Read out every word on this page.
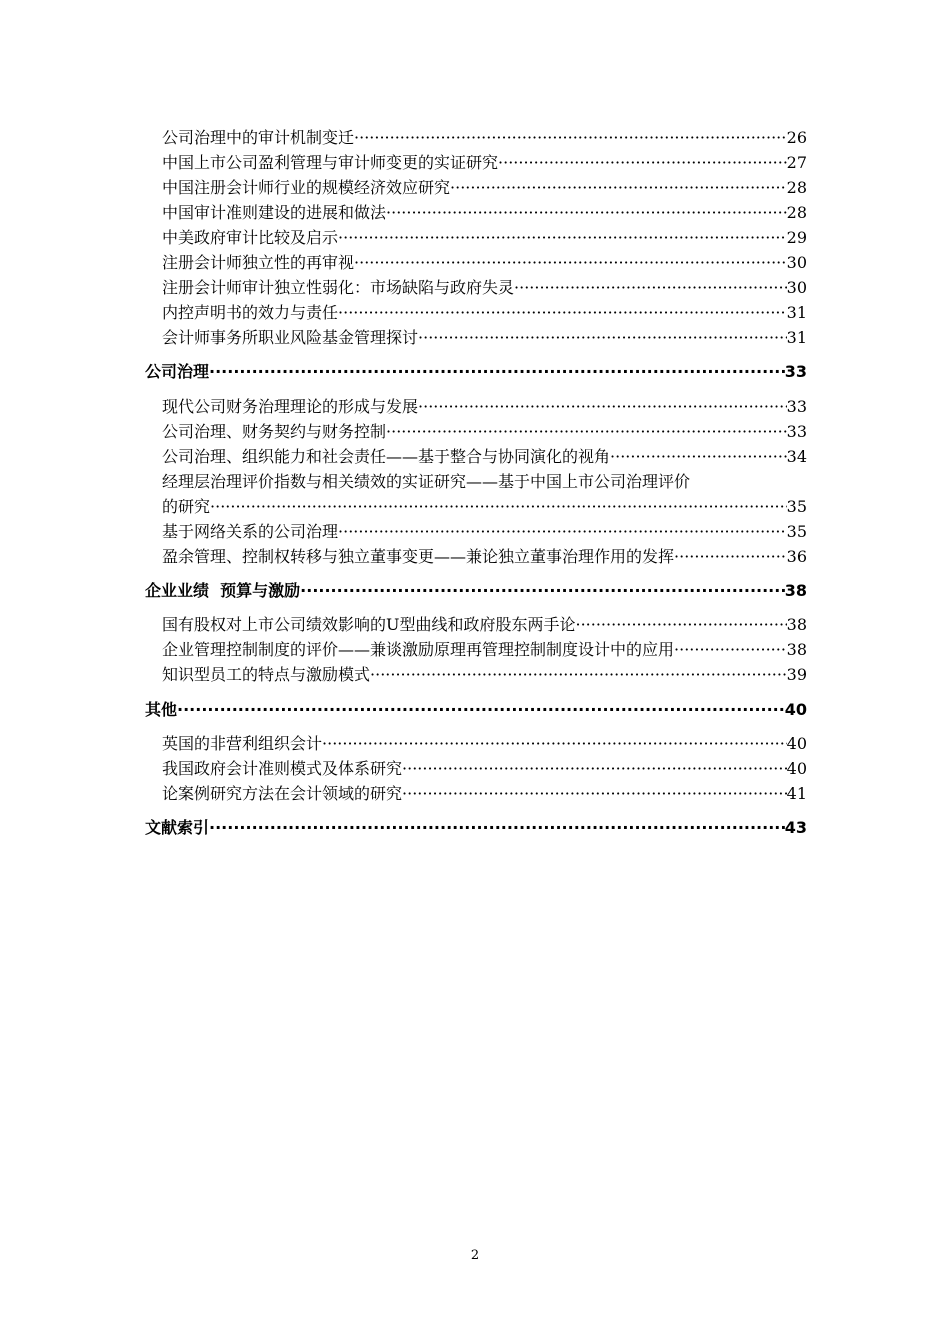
公司治理中的审计机制变迁 ·····	26
中国上市公司盈利管理与审计师变更的实证研究 ·····	27
中国注册会计师行业的规模经济效应研究 ·····	28
中国审计准则建设的进展和做法 ·····	28
中美政府审计比较及启示 ·····	29
注册会计师独立性的再审视 ·····	30
注册会计师审计独立性弱化：市场缺陷与政府失灵 ·····	30
内控声明书的效力与责任 ·····	31
会计师事务所职业风险基金管理探讨 ·····	31
公司治理 ·····	33
现代公司财务治理理论的形成与发展 ·····	33
公司治理、财务契约与财务控制 ·····	33
公司治理、组织能力和社会责任——基于整合与协同演化的视角 ·····	34
经理层治理评价指数与相关绩效的实证研究——基于中国上市公司治理评价
的研究 ·····	35
基于网络关系的公司治理 ·····	35
盈余管理、控制权转移与独立董事变更——兼论独立董事治理作用的发挥 ·····	36
企业业绩  预算与激励 ·····	38
国有股权对上市公司绩效影响的U型曲线和政府股东两手论 ·····	38
企业管理控制制度的评价——兼谈激励原理再管理控制制度设计中的应用 ·····	38
知识型员工的特点与激励模式 ·····	39
其他 ·····	40
英国的非营利组织会计 ·····	40
我国政府会计准则模式及体系研究 ·····	40
论案例研究方法在会计领域的研究 ·····	41
文献索引 ·····	43
2
